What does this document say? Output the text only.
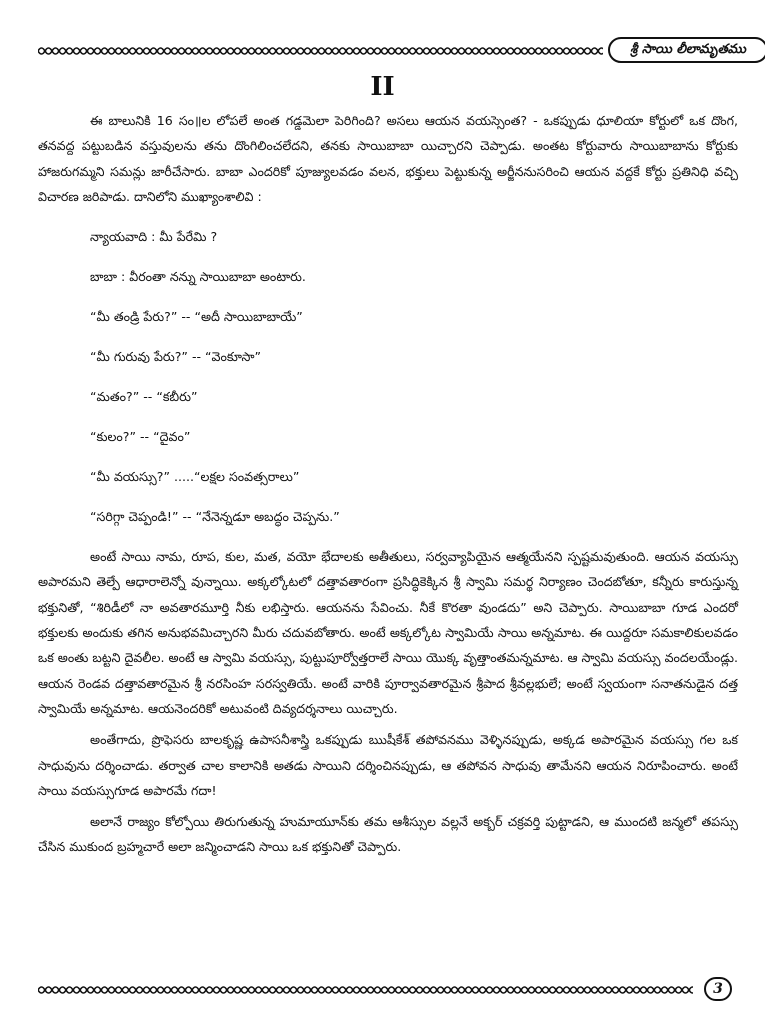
శ్రీ సాయి లీలామృతము
II

ఈ బాలునికి 16 సం॥ల లోపలే అంత గడ్డమెలా పెరిగింది? అసలు ఆయన వయస్సెంత? - ఒకప్పుడు ధూలియా కోర్టులో ఒక దొంగ, తనవద్ద పట్టుబడిన వస్తువులను తను దొంగిలించలేదని, తనకు సాయిబాబా యిచ్చారని చెప్పాడు. అంతట కోర్టువారు సాయిబాబాను కోర్టుకు హాజరుగమ్మని సమన్లు జారీచేసారు. బాబా ఎందరికో పూజ్యులవడం వలన, భక్తులు పెట్టుకున్న అర్జీననుసరించి ఆయన వద్దకే కోర్టు ప్రతినిధి వచ్చి విచారణ జరిపాడు. దానిలోని ముఖ్యాంశాలివి :

న్యాయవాది : మీ పేరేమి ?

బాబా : వీరంతా నన్ను సాయిబాబా అంటారు.

“మీ తండ్రి పేరు?” -- “అదీ సాయిబాబాయే”

“మీ గురువు పేరు?” -- “వెంకూసా”

“మతం?” -- “కబీరు”

“కులం?” -- “దైవం”

“మీ వయస్సు?” .....“లక్షల సంవత్సరాలు”

“సరిగ్గా చెప్పండి!” -- “నేనెన్నడూ అబద్ధం చెప్పను.”

అంటే సాయి నామ, రూప, కుల, మత, వయో భేదాలకు అతీతులు, సర్వవ్యాపియైన ఆత్మయేనని స్పష్టమవుతుంది. ఆయన వయస్సు అపారమని తెల్పే ఆధారాలెన్నో వున్నాయి. అక్కల్కోటలో దత్తావతారంగా ప్రసిద్ధికెక్కిన శ్రీ స్వామి సమర్థ నిర్యాణం చెందబోతూ, కన్నీరు కారుస్తున్న భక్తునితో, “శిరిడీలో నా అవతారమూర్తి నీకు లభిస్తారు. ఆయనను సేవించు. నీకే కొరతా వుండదు” అని చెప్పారు. సాయిబాబా గూడ ఎందరో భక్తులకు అందుకు తగిన అనుభవమిచ్చారని మీరు చదువబోతారు. అంటే అక్కల్కోట స్వామియే సాయి అన్నమాట. ఈ యిద్దరూ సమకాలికులవడం ఒక అంతు బట్టని దైవలీల. అంటే ఆ స్వామి వయస్సు, పుట్టుపూర్వోత్తరాలే సాయి యొక్క వృత్తాంతమన్నమాట. ఆ స్వామి వయస్సు వందలయేండ్లు. ఆయన రెండవ దత్తావతారమైన శ్రీ నరసింహ సరస్వతియే. అంటే వారికి పూర్వావతారమైన శ్రీపాద శ్రీవల్లభులే; అంటే స్వయంగా సనాతనుడైన దత్త స్వామియే అన్నమాట. ఆయనెందరికో అటువంటి దివ్యదర్శనాలు యిచ్చారు.

అంతేగాదు, ప్రొఫెసరు బాలకృష్ణ ఉపాసనీశాస్త్రి ఒకప్పుడు ఋషీకేశ్ తపోవనము వెళ్ళినప్పుడు, అక్కడ అపారమైన వయస్సు గల ఒక సాధువును దర్శించాడు. తర్వాత చాల కాలానికి అతడు సాయిని దర్శించినప్పుడు, ఆ తపోవన సాధువు తామేనని ఆయన నిరూపించారు. అంటే సాయి వయస్సుగూడ అపారమే గదా!

అలానే రాజ్యం కోల్పోయి తిరుగుతున్న హుమాయూన్‌కు తమ ఆశీస్సుల వల్లనే అక్బర్ చక్రవర్తి పుట్టాడని, ఆ ముందటి జన్మలో తపస్సు చేసిన ముకుంద బ్రహ్మచారే అలా జన్మించాడని సాయి ఒక భక్తునితో చెప్పారు.

3
